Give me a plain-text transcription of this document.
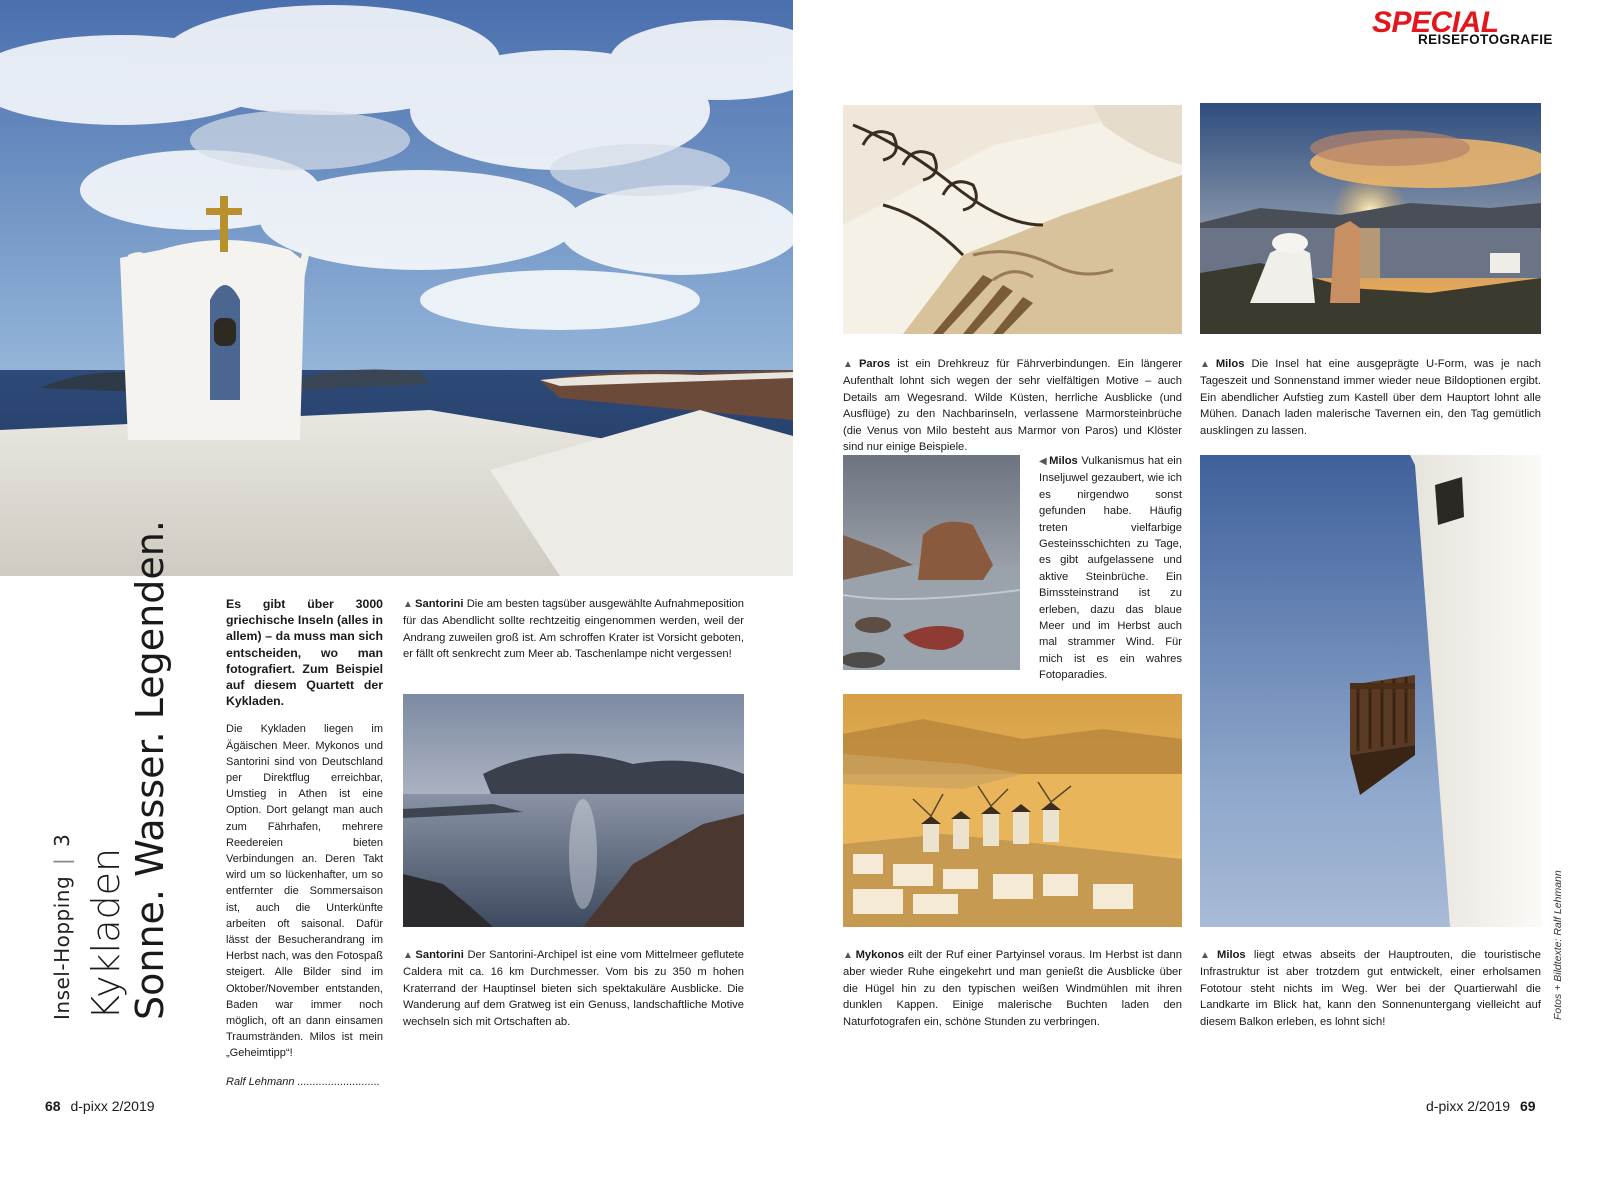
SPECIAL
REISEFOTOGRAFIE
Insel-Hopping | 3
Kykladen Sonne. Wasser. Legenden.	Es gibt über 3000 griechische Inseln (alles in allem) – da muss man sich entscheiden, wo man fotografiert. Zum Beispiel auf diesem Quartett der Kykladen.
Die Kykladen liegen im Ägäischen Meer. Mykonos und Santorini sind von Deutschland per Direktflug erreichbar, Umstieg in Athen ist eine Option. Dort gelangt man auch zum Fährhafen, mehrere Reedereien bieten Verbindungen an. Deren Takt wird um so lückenhafter, um so entfernter die Sommersaison ist, auch die Unterkünfte arbeiten oft saisonal. Dafür lässt der Besucherandrang im Herbst nach, was den Fotospaß steigert. Alle Bilder sind im Oktober/November entstanden, Baden war immer noch möglich, oft an dann einsamen Traumstränden. Milos ist mein „Geheimtipp“!
Ralf Lehmann ...........................
▲ Santorini Die am besten tagsüber ausgewählte Aufnahmeposition für das Abendlicht sollte rechtzeitig eingenommen werden, weil der Andrang zuweilen groß ist. Am schroffen Krater ist Vorsicht geboten, er fällt oft senkrecht zum Meer ab. Taschenlampe nicht vergessen!
▲ Santorini Der Santorini-Archipel ist eine vom Mittelmeer geflutete Caldera mit ca. 16 km Durchmesser. Vom bis zu 350 m hohen Kraterrand der Hauptinsel bieten sich spektakuläre Ausblicke. Die Wanderung auf dem Gratweg ist ein Genuss, landschaftliche Motive wechseln sich mit Ortschaften ab.
▲ Paros ist ein Drehkreuz für Fährverbindungen. Ein längerer Aufenthalt lohnt sich wegen der sehr vielfältigen Motive – auch Details am Wegesrand. Wilde Küsten, herrliche Ausblicke (und Ausflüge) zu den Nachbarinseln, verlassene Marmorsteinbrüche (die Venus von Milo besteht aus Marmor von Paros) und Klöster sind nur einige Beispiele.
▲ Milos Die Insel hat eine ausgeprägte U-Form, was je nach Tageszeit und Sonnenstand immer wieder neue Bildoptionen ergibt. Ein abendlicher Aufstieg zum Kastell über dem Hauptort lohnt alle Mühen. Danach laden malerische Tavernen ein, den Tag gemütlich ausklingen zu lassen.
◀ Milos Vulkanismus hat ein Inseljuwel gezaubert, wie ich es nirgendwo sonst gefunden habe. Häufig treten vielfarbige Gesteinsschichten zu Tage, es gibt aufgelassene und aktive Steinbrüche. Ein Bimssteinstrand ist zu erleben, dazu das blaue Meer und im Herbst auch mal strammer Wind. Für mich ist es ein wahres Fotoparadies.
▲ Mykonos eilt der Ruf einer Partyinsel voraus. Im Herbst ist dann aber wieder Ruhe eingekehrt und man genießt die Ausblicke über die Hügel hin zu den typischen weißen Windmühlen mit ihren dunklen Kappen. Einige malerische Buchten laden den Naturfotografen ein, schöne Stunden zu verbringen.
▲ Milos liegt etwas abseits der Hauptrouten, die touristische Infrastruktur ist aber trotzdem gut entwickelt, einer erholsamen Fototour steht nichts im Weg. Wer bei der Quartierwahl die Landkarte im Blick hat, kann den Sonnenuntergang vielleicht auf diesem Balkon erleben, es lohnt sich!
Fotos + Bildtexte: Ralf Lehmann
68 d-pixx 2/2019	d-pixx 2/2019 69
